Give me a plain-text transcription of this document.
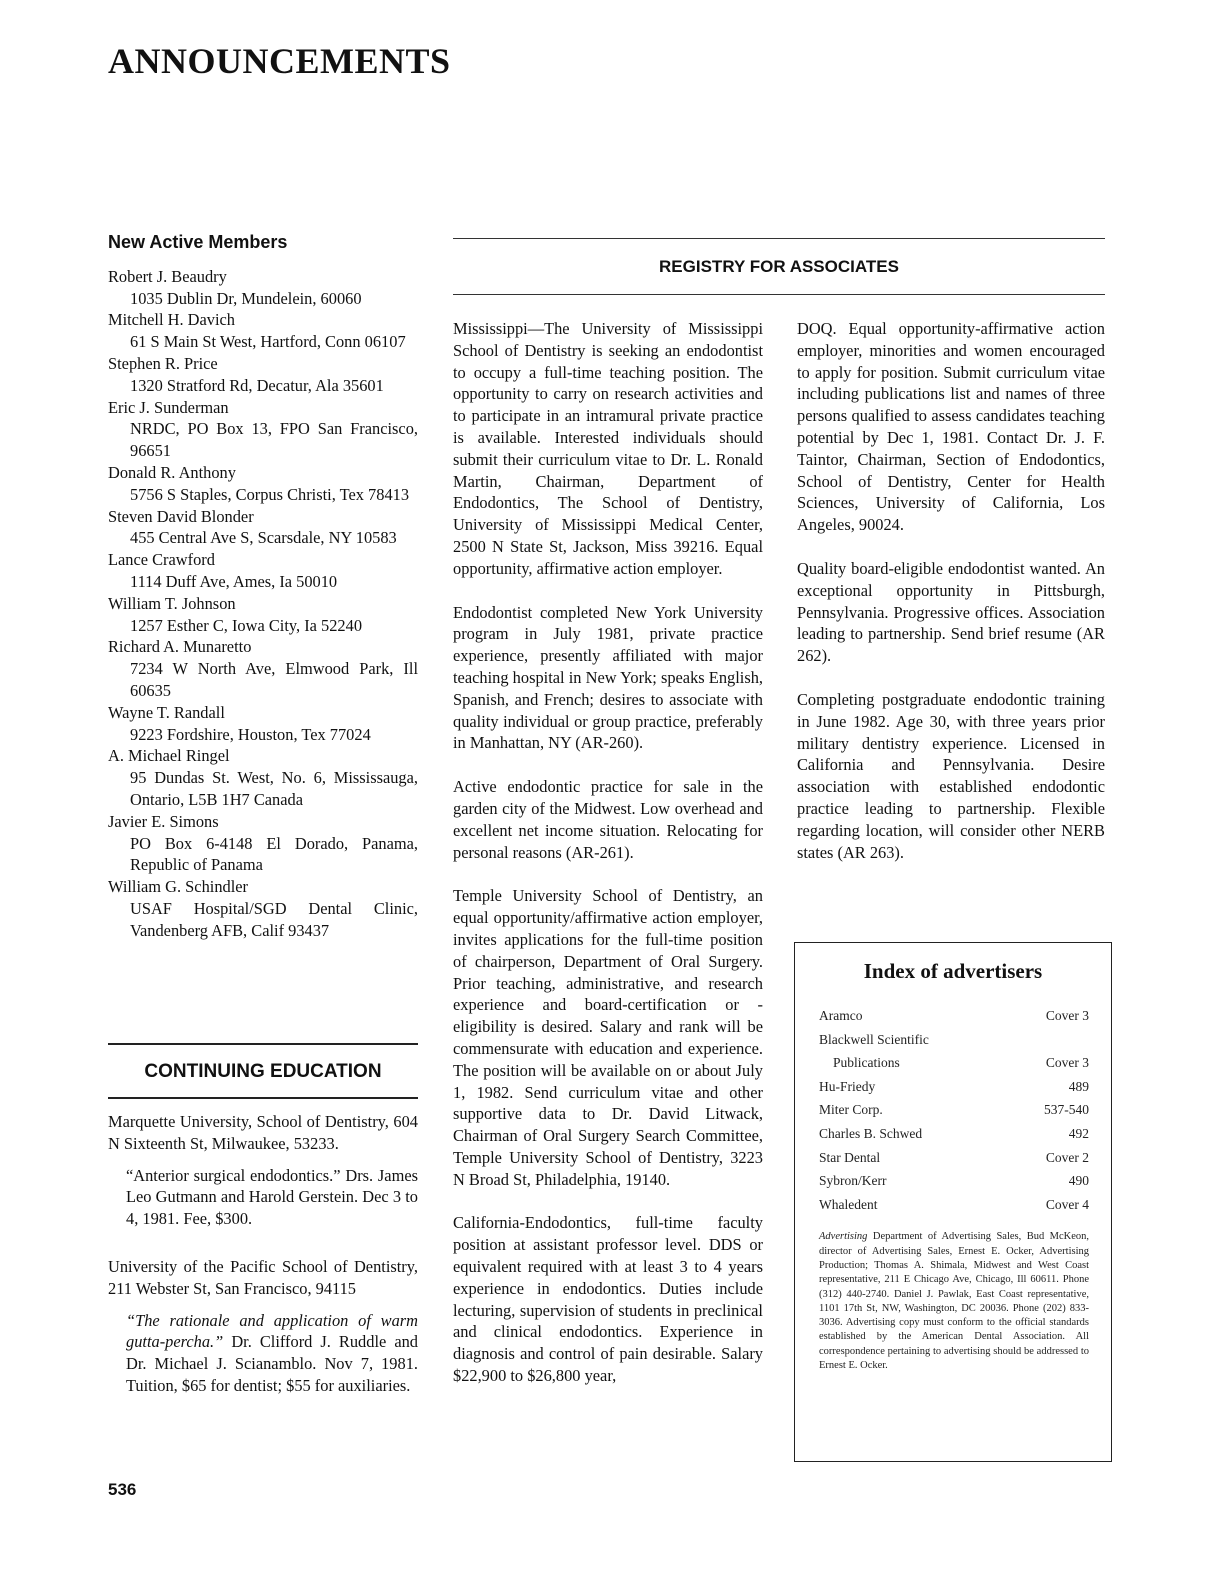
ANNOUNCEMENTS
New Active Members

Robert J. Beaudry
1035 Dublin Dr, Mundelein, 60060

Mitchell H. Davich
61 S Main St West, Hartford, Conn 06107

Stephen R. Price
1320 Stratford Rd, Decatur, Ala 35601

Eric J. Sunderman
NRDC, PO Box 13, FPO San Francisco, 96651

Donald R. Anthony
5756 S Staples, Corpus Christi, Tex 78413

Steven David Blonder
455 Central Ave S, Scarsdale, NY 10583

Lance Crawford
1114 Duff Ave, Ames, Ia 50010

William T. Johnson
1257 Esther C, Iowa City, Ia 52240

Richard A. Munaretto
7234 W North Ave, Elmwood Park, Ill 60635

Wayne T. Randall
9223 Fordshire, Houston, Tex 77024

A. Michael Ringel
95 Dundas St. West, No. 6, Mississauga, Ontario, L5B 1H7 Canada

Javier E. Simons
PO Box 6-4148 El Dorado, Panama, Republic of Panama

William G. Schindler
USAF Hospital/SGD Dental Clinic, Vandenberg AFB, Calif 93437

CONTINUING EDUCATION

Marquette University, School of Dentistry, 604 N Sixteenth St, Milwaukee, 53233.

“Anterior surgical endodontics.” Drs. James Leo Gutmann and Harold Gerstein. Dec 3 to 4, 1981. Fee, $300.

University of the Pacific School of Dentistry, 211 Webster St, San Francisco, 94115

“The rationale and application of warm gutta-percha.” Dr. Clifford J. Ruddle and Dr. Michael J. Scianamblo. Nov 7, 1981. Tuition, $65 for dentist; $55 for auxiliaries.

REGISTRY FOR ASSOCIATES

Mississippi—The University of Mississippi School of Dentistry is seeking an endodontist to occupy a full-time teaching position. The opportunity to carry on research activities and to participate in an intramural private practice is available. Interested individuals should submit their curriculum vitae to Dr. L. Ronald Martin, Chairman, Department of Endodontics, The School of Dentistry, University of Mississippi Medical Center, 2500 N State St, Jackson, Miss 39216. Equal opportunity, affirmative action employer.

Endodontist completed New York University program in July 1981, private practice experience, presently affiliated with major teaching hospital in New York; speaks English, Spanish, and French; desires to associate with quality individual or group practice, preferably in Manhattan, NY (AR-260).

Active endodontic practice for sale in the garden city of the Midwest. Low overhead and excellent net income situation. Relocating for personal reasons (AR-261).

Temple University School of Dentistry, an equal opportunity/affirmative action employer, invites applications for the full-time position of chairperson, Department of Oral Surgery. Prior teaching, administrative, and research experience and board-certification or -eligibility is desired. Salary and rank will be commensurate with education and experience. The position will be available on or about July 1, 1982. Send curriculum vitae and other supportive data to Dr. David Litwack, Chairman of Oral Surgery Search Committee, Temple University School of Dentistry, 3223 N Broad St, Philadelphia, 19140.

California-Endodontics, full-time faculty position at assistant professor level. DDS or equivalent required with at least 3 to 4 years experience in endodontics. Duties include lecturing, supervision of students in preclinical and clinical endodontics. Experience in diagnosis and control of pain desirable. Salary $22,900 to $26,800 year,

DOQ. Equal opportunity-affirmative action employer, minorities and women encouraged to apply for position. Submit curriculum vitae including publications list and names of three persons qualified to assess candidates teaching potential by Dec 1, 1981. Contact Dr. J. F. Taintor, Chairman, Section of Endodontics, School of Dentistry, Center for Health Sciences, University of California, Los Angeles, 90024.

Quality board-eligible endodontist wanted. An exceptional opportunity in Pittsburgh, Pennsylvania. Progressive offices. Association leading to partnership. Send brief resume (AR 262).

Completing postgraduate endodontic training in June 1982. Age 30, with three years prior military dentistry experience. Licensed in California and Pennsylvania. Desire association with established endodontic practice leading to partnership. Flexible regarding location, will consider other NERB states (AR 263).

Index of advertisers
Aramco	Cover 3
Blackwell Scientific
Publications	Cover 3
Hu-Friedy	489
Miter Corp.	537-540
Charles B. Schwed	492
Star Dental	Cover 2
Sybron/Kerr	490
Whaledent	Cover 4

Advertising Department of Advertising Sales, Bud McKeon, director of Advertising Sales, Ernest E. Ocker, Advertising Production; Thomas A. Shimala, Midwest and West Coast representative, 211 E Chicago Ave, Chicago, Ill 60611. Phone (312) 440-2740. Daniel J. Pawlak, East Coast representative, 1101 17th St, NW, Washington, DC 20036. Phone (202) 833-3036. Advertising copy must conform to the official standards established by the American Dental Association. All correspondence pertaining to advertising should be addressed to Ernest E. Ocker.

536
